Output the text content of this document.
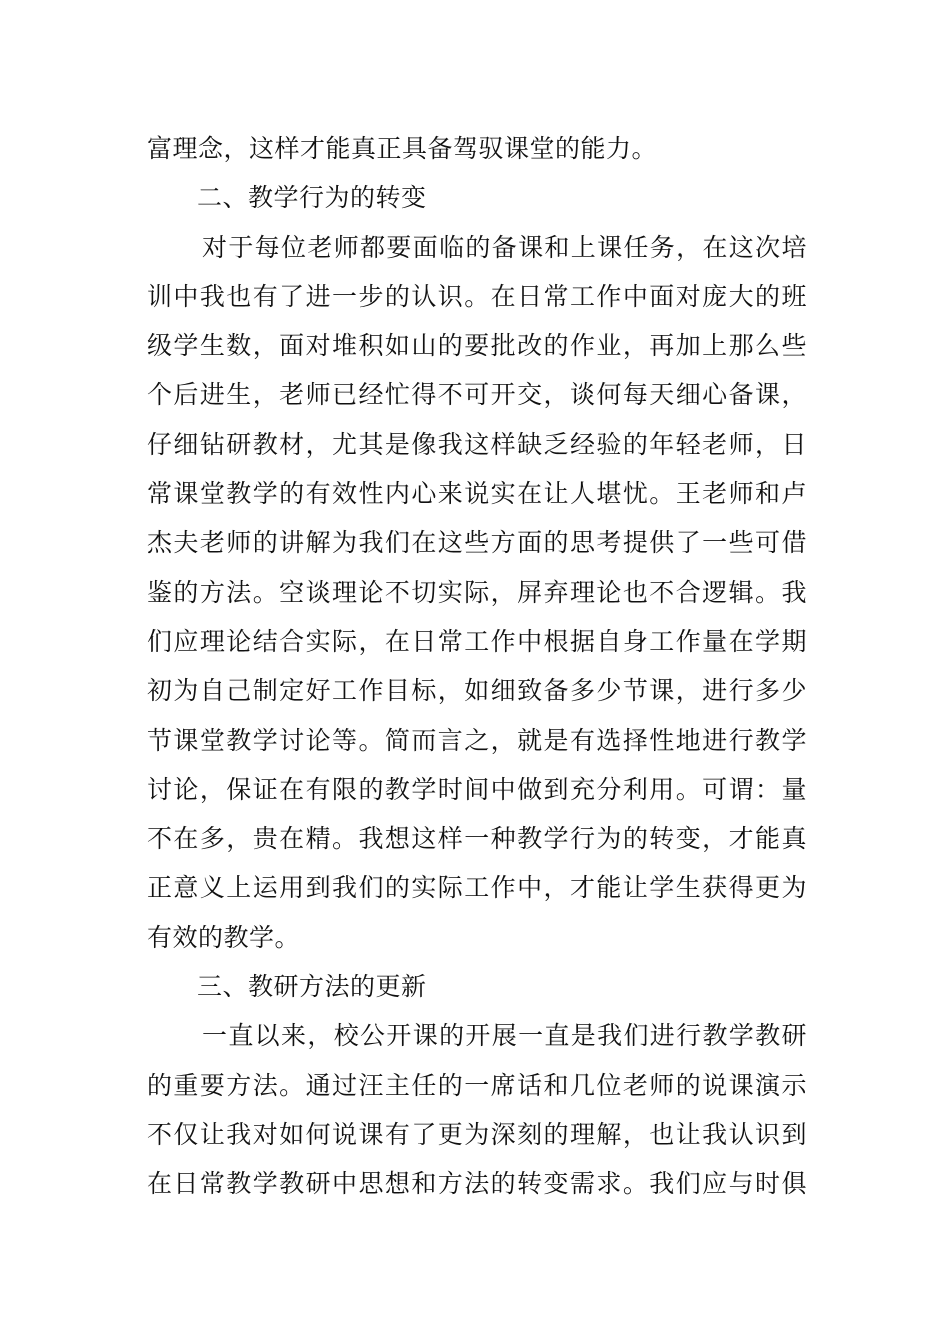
富理念，这样才能真正具备驾驭课堂的能力。
二、教学行为的转变
对于每位老师都要面临的备课和上课任务，在这次培
训中我也有了进一步的认识。在日常工作中面对庞大的班
级学生数，面对堆积如山的要批改的作业，再加上那么些
个后进生，老师已经忙得不可开交，谈何每天细心备课，
仔细钻研教材，尤其是像我这样缺乏经验的年轻老师，日
常课堂教学的有效性内心来说实在让人堪忧。王老师和卢
杰夫老师的讲解为我们在这些方面的思考提供了一些可借
鉴的方法。空谈理论不切实际，屏弃理论也不合逻辑。我
们应理论结合实际，在日常工作中根据自身工作量在学期
初为自己制定好工作目标，如细致备多少节课，进行多少
节课堂教学讨论等。简而言之，就是有选择性地进行教学
讨论，保证在有限的教学时间中做到充分利用。可谓：量
不在多，贵在精。我想这样一种教学行为的转变，才能真
正意义上运用到我们的实际工作中，才能让学生获得更为
有效的教学。
三、教研方法的更新
一直以来，校公开课的开展一直是我们进行教学教研
的重要方法。通过汪主任的一席话和几位老师的说课演示
不仅让我对如何说课有了更为深刻的理解，也让我认识到
在日常教学教研中思想和方法的转变需求。我们应与时俱
